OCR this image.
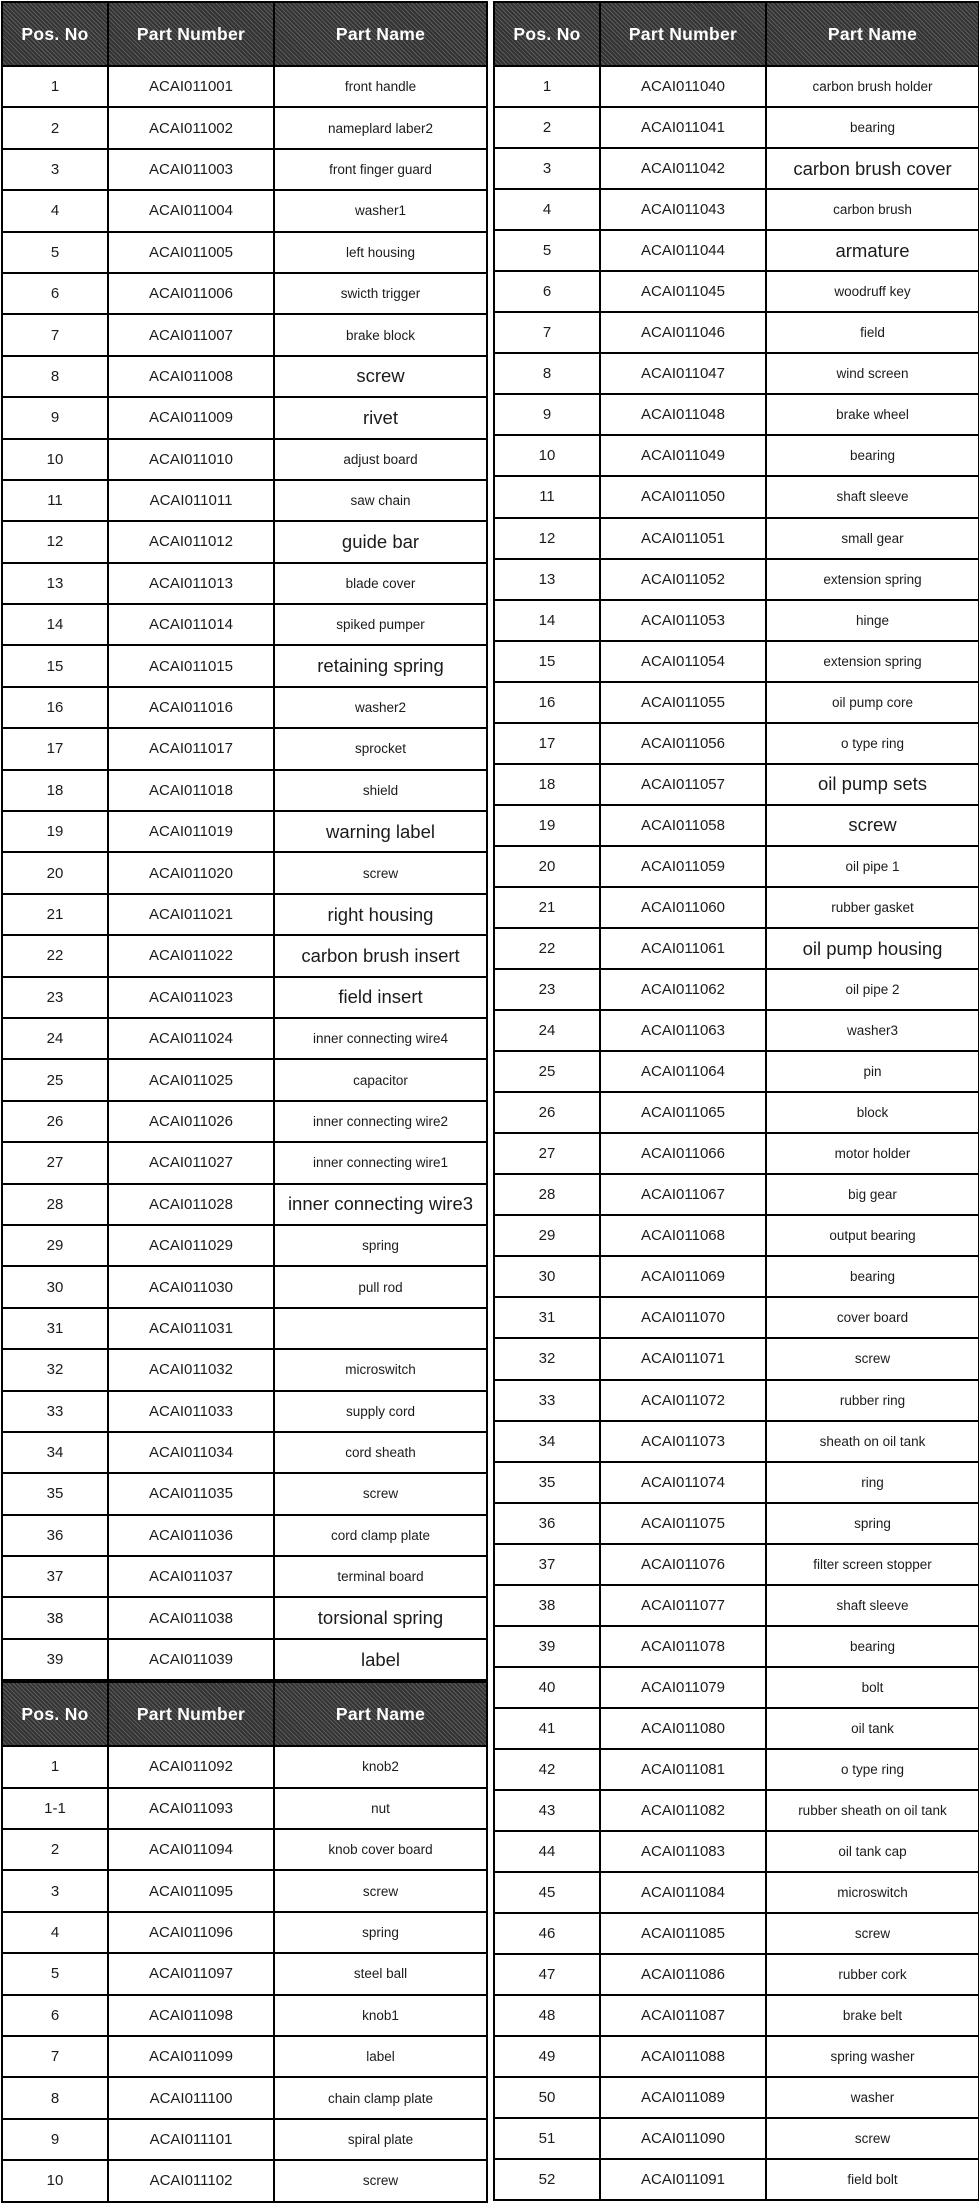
Pos. No	Part Number	Part Name
1	ACAI011001	front handle
2	ACAI011002	nameplard laber2
3	ACAI011003	front finger guard
4	ACAI011004	washer1
5	ACAI011005	left housing
6	ACAI011006	swicth trigger
7	ACAI011007	brake block
8	ACAI011008	screw
9	ACAI011009	rivet
10	ACAI011010	adjust board
11	ACAI011011	saw chain
12	ACAI011012	guide bar
13	ACAI011013	blade cover
14	ACAI011014	spiked pumper
15	ACAI011015	retaining spring
16	ACAI011016	washer2
17	ACAI011017	sprocket
18	ACAI011018	shield
19	ACAI011019	warning label
20	ACAI011020	screw
21	ACAI011021	right housing
22	ACAI011022	carbon brush insert
23	ACAI011023	field insert
24	ACAI011024	inner connecting wire4
25	ACAI011025	capacitor
26	ACAI011026	inner connecting wire2
27	ACAI011027	inner connecting wire1
28	ACAI011028	inner connecting wire3
29	ACAI011029	spring
30	ACAI011030	pull rod
31	ACAI011031	
32	ACAI011032	microswitch
33	ACAI011033	supply cord
34	ACAI011034	cord sheath
35	ACAI011035	screw
36	ACAI011036	cord clamp plate
37	ACAI011037	terminal board
38	ACAI011038	torsional spring
39	ACAI011039	label
Pos. No	Part Number	Part Name
1	ACAI011092	knob2
1-1	ACAI011093	nut
2	ACAI011094	knob cover board
3	ACAI011095	screw
4	ACAI011096	spring
5	ACAI011097	steel ball
6	ACAI011098	knob1
7	ACAI011099	label
8	ACAI011100	chain clamp plate
9	ACAI011101	spiral plate
10	ACAI011102	screw
Pos. No	Part Number	Part Name
1	ACAI011040	carbon brush holder
2	ACAI011041	bearing
3	ACAI011042	carbon brush cover
4	ACAI011043	carbon brush
5	ACAI011044	armature
6	ACAI011045	woodruff key
7	ACAI011046	field
8	ACAI011047	wind screen
9	ACAI011048	brake wheel
10	ACAI011049	bearing
11	ACAI011050	shaft sleeve
12	ACAI011051	small gear
13	ACAI011052	extension spring
14	ACAI011053	hinge
15	ACAI011054	extension spring
16	ACAI011055	oil pump core
17	ACAI011056	o type ring
18	ACAI011057	oil pump sets
19	ACAI011058	screw
20	ACAI011059	oil pipe 1
21	ACAI011060	rubber gasket
22	ACAI011061	oil pump housing
23	ACAI011062	oil pipe 2
24	ACAI011063	washer3
25	ACAI011064	pin
26	ACAI011065	block
27	ACAI011066	motor holder
28	ACAI011067	big gear
29	ACAI011068	output bearing
30	ACAI011069	bearing
31	ACAI011070	cover board
32	ACAI011071	screw
33	ACAI011072	rubber ring
34	ACAI011073	sheath on oil tank
35	ACAI011074	ring
36	ACAI011075	spring
37	ACAI011076	filter screen stopper
38	ACAI011077	shaft sleeve
39	ACAI011078	bearing
40	ACAI011079	bolt
41	ACAI011080	oil tank
42	ACAI011081	o type ring
43	ACAI011082	rubber sheath on oil tank
44	ACAI011083	oil tank cap
45	ACAI011084	microswitch
46	ACAI011085	screw
47	ACAI011086	rubber cork
48	ACAI011087	brake belt
49	ACAI011088	spring washer
50	ACAI011089	washer
51	ACAI011090	screw
52	ACAI011091	field bolt
